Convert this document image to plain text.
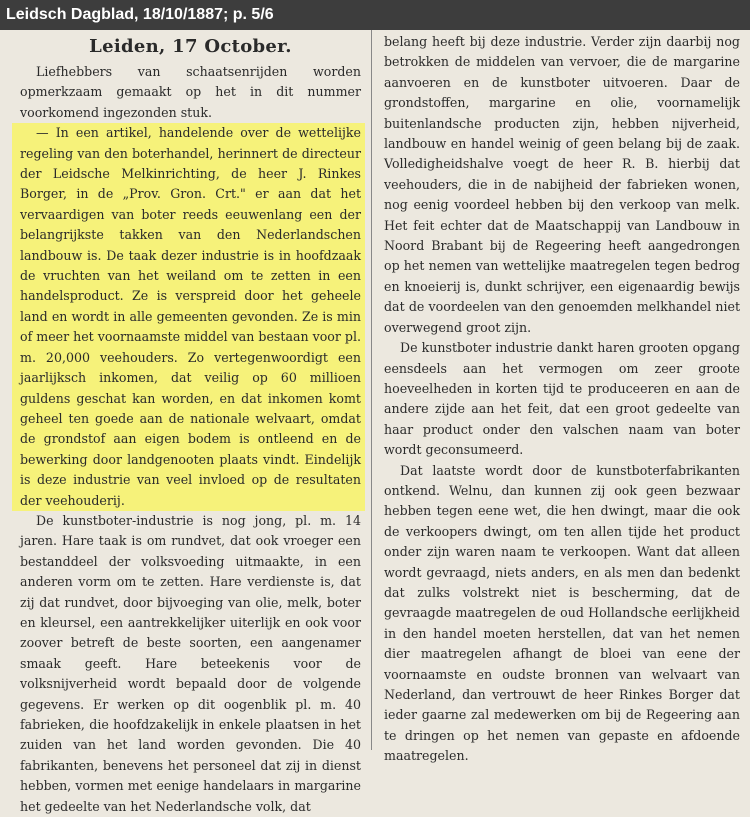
Leidsch Dagblad, 18/10/1887; p. 5/6
Leiden, 17 October.

Liefhebbers van schaatsenrijden worden opmerkzaam gemaakt op het in dit nummer voorkomend ingezonden stuk.

— In een artikel, handelende over de wettelijke regeling van den boterhandel, herinnert de directeur der Leidsche Melkinrichting, de heer J. Rinkes Borger, in de „Prov. Gron. Crt." er aan dat het vervaardigen van boter reeds eeuwenlang een der belangrijkste takken van den Nederlandschen landbouw is. De taak dezer industrie is in hoofdzaak de vruchten van het weiland om te zetten in een handelsproduct. Ze is verspreid door het geheele land en wordt in alle gemeenten gevonden. Ze is min of meer het voornaamste middel van bestaan voor pl. m. 20,000 veehouders. Zo vertegenwoordigt een jaarlijksch inkomen, dat veilig op 60 millioen guldens geschat kan worden, en dat inkomen komt geheel ten goede aan de nationale welvaart, omdat de grondstof aan eigen bodem is ontleend en de bewerking door landgenooten plaats vindt. Eindelijk is deze industrie van veel invloed op de resultaten der veehouderij.

De kunstboter-industrie is nog jong, pl. m. 14 jaren. Hare taak is om rundvet, dat ook vroeger een bestanddeel der volksvoeding uitmaakte, in een anderen vorm om te zetten. Hare verdienste is, dat zij dat rundvet, door bijvoeging van olie, melk, boter en kleursel, een aantrekkelijker uiterlijk en ook voor zoover betreft de beste soorten, een aangenamer smaak geeft. Hare beteekenis voor de volksnijverheid wordt bepaald door de volgende gegevens. Er werken op dit oogenblik pl. m. 40 fabrieken, die hoofdzakelijk in enkele plaatsen in het zuiden van het land worden gevonden. Die 40 fabrikanten, benevens het personeel dat zij in dienst hebben, vormen met eenige handelaars in margarine het gedeelte van het Nederlandsche volk, dat

belang heeft bij deze industrie. Verder zijn daarbij nog betrokken de middelen van vervoer, die de margarine aanvoeren en de kunstboter uitvoeren. Daar de grondstoffen, margarine en olie, voornamelijk buitenlandsche producten zijn, hebben nijverheid, landbouw en handel weinig of geen belang bij de zaak. Volledigheidshalve voegt de heer R. B. hierbij dat veehouders, die in de nabijheid der fabrieken wonen, nog eenig voordeel hebben bij den verkoop van melk. Het feit echter dat de Maatschappij van Landbouw in Noord Brabant bij de Regeering heeft aangedrongen op het nemen van wettelijke maatregelen tegen bedrog en knoeierij is, dunkt schrijver, een eigenaardig bewijs dat de voordeelen van den genoemden melkhandel niet overwegend groot zijn.

De kunstboter industrie dankt haren grooten opgang eensdeels aan het vermogen om zeer groote hoeveelheden in korten tijd te produceeren en aan de andere zijde aan het feit, dat een groot gedeelte van haar product onder den valschen naam van boter wordt geconsumeerd.

Dat laatste wordt door de kunstboterfabrikanten ontkend. Welnu, dan kunnen zij ook geen bezwaar hebben tegen eene wet, die hen dwingt, maar die ook de verkoopers dwingt, om ten allen tijde het product onder zijn waren naam te verkoopen. Want dat alleen wordt gevraagd, niets anders, en als men dan bedenkt dat zulks volstrekt niet is bescherming, dat de gevraagde maatregelen de oud Hollandsche eerlijkheid in den handel moeten herstellen, dat van het nemen dier maatregelen afhangt de bloei van eene der voornaamste en oudste bronnen van welvaart van Nederland, dan vertrouwt de heer Rinkes Borger dat ieder gaarne zal medewerken om bij de Regeering aan te dringen op het nemen van gepaste en afdoende maatregelen.
